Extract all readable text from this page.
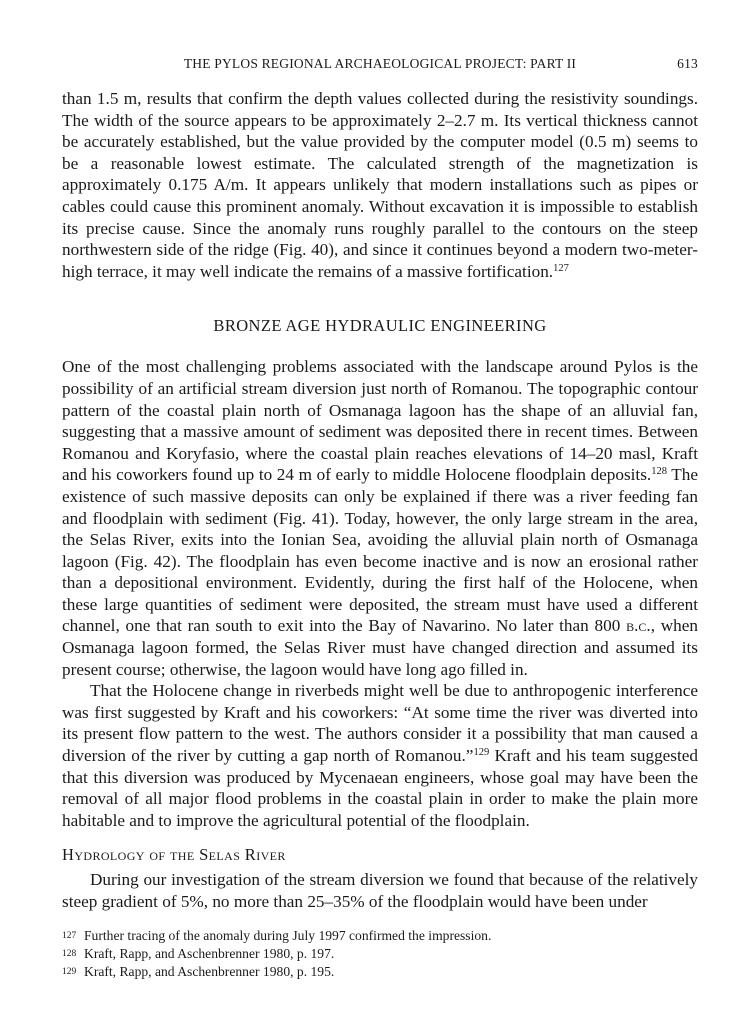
THE PYLOS REGIONAL ARCHAEOLOGICAL PROJECT: PART II	613

than 1.5 m, results that confirm the depth values collected during the resistivity soundings. The width of the source appears to be approximately 2–2.7 m. Its vertical thickness cannot be accurately established, but the value provided by the computer model (0.5 m) seems to be a reasonable lowest estimate. The calculated strength of the magnetization is approximately 0.175 A/m. It appears unlikely that modern installations such as pipes or cables could cause this prominent anomaly. Without excavation it is impossible to establish its precise cause. Since the anomaly runs roughly parallel to the contours on the steep northwestern side of the ridge (Fig. 40), and since it continues beyond a modern two-meter-high terrace, it may well indicate the remains of a massive fortification.$^{127}$

BRONZE AGE HYDRAULIC ENGINEERING

One of the most challenging problems associated with the landscape around Pylos is the possibility of an artificial stream diversion just north of Romanou. The topographic contour pattern of the coastal plain north of Osmanaga lagoon has the shape of an alluvial fan, suggesting that a massive amount of sediment was deposited there in recent times. Between Romanou and Koryfasio, where the coastal plain reaches elevations of 14–20 masl, Kraft and his coworkers found up to 24 m of early to middle Holocene floodplain deposits.$^{128}$ The existence of such massive deposits can only be explained if there was a river feeding fan and floodplain with sediment (Fig. 41). Today, however, the only large stream in the area, the Selas River, exits into the Ionian Sea, avoiding the alluvial plain north of Osmanaga lagoon (Fig. 42). The floodplain has even become inactive and is now an erosional rather than a depositional environment. Evidently, during the first half of the Holocene, when these large quantities of sediment were deposited, the stream must have used a different channel, one that ran south to exit into the Bay of Navarino. No later than 800 b.c., when Osmanaga lagoon formed, the Selas River must have changed direction and assumed its present course; otherwise, the lagoon would have long ago filled in.

That the Holocene change in riverbeds might well be due to anthropogenic interference was first suggested by Kraft and his coworkers: “At some time the river was diverted into its present flow pattern to the west. The authors consider it a possibility that man caused a diversion of the river by cutting a gap north of Romanou.”$^{129}$ Kraft and his team suggested that this diversion was produced by Mycenaean engineers, whose goal may have been the removal of all major flood problems in the coastal plain in order to make the plain more habitable and to improve the agricultural potential of the floodplain.

Hydrology of the Selas River

During our investigation of the stream diversion we found that because of the relatively steep gradient of 5%, no more than 25–35% of the floodplain would have been under

127 Further tracing of the anomaly during July 1997 confirmed the impression.
128 Kraft, Rapp, and Aschenbrenner 1980, p. 197.
129 Kraft, Rapp, and Aschenbrenner 1980, p. 195.
